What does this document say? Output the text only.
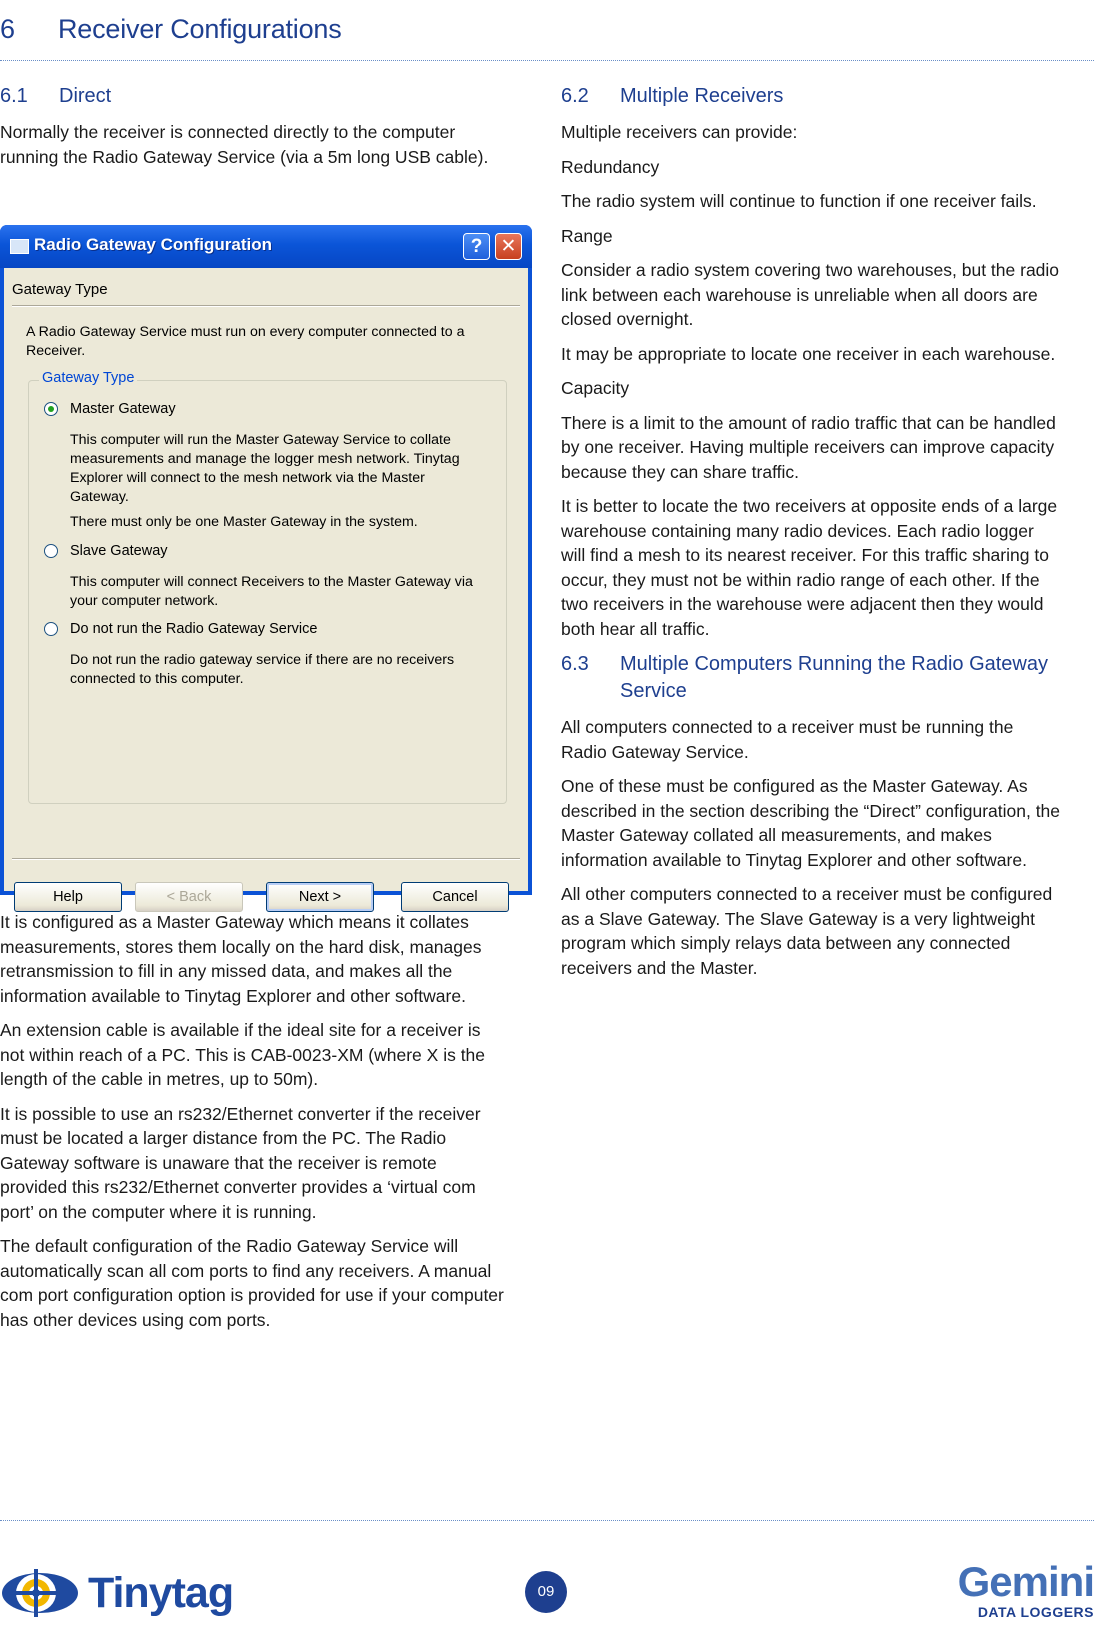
6 Receiver Configurations
6.1	Direct

Normally the receiver is connected directly to the computer running the Radio Gateway Service (via a 5m long USB cable).

Radio Gateway Configuration	? ✕
Gateway Type
A Radio Gateway Service must run on every computer connected to a Receiver.
Gateway Type
Master Gateway
This computer will run the Master Gateway Service to collate measurements and manage the logger mesh network. Tinytag Explorer will connect to the mesh network via the Master Gateway.
There must only be one Master Gateway in the system.
Slave Gateway
This computer will connect Receivers to the Master Gateway via your computer network.
Do not run the Radio Gateway Service
Do not run the radio gateway service if there are no receivers connected to this computer.
Help	< Back	Next >	Cancel

It is configured as a Master Gateway which means it collates measurements, stores them locally on the hard disk, manages retransmission to fill in any missed data, and makes all the information available to Tinytag Explorer and other software.

An extension cable is available if the ideal site for a receiver is not within reach of a PC. This is CAB-0023-XM (where X is the length of the cable in metres, up to 50m).

It is possible to use an rs232/Ethernet converter if the receiver must be located a larger distance from the PC. The Radio Gateway software is unaware that the receiver is remote provided this rs232/Ethernet converter provides a ‘virtual com port’ on the computer where it is running.

The default configuration of the Radio Gateway Service will automatically scan all com ports to find any receivers. A manual com port configuration option is provided for use if your computer has other devices using com ports.

6.2	Multiple Receivers

Multiple receivers can provide:

Redundancy

The radio system will continue to function if one receiver fails.

Range

Consider a radio system covering two warehouses, but the radio link between each warehouse is unreliable when all doors are closed overnight.

It may be appropriate to locate one receiver in each warehouse.

Capacity

There is a limit to the amount of radio traffic that can be handled by one receiver. Having multiple receivers can improve capacity because they can share traffic.

It is better to locate the two receivers at opposite ends of a large warehouse containing many radio devices. Each radio logger will find a mesh to its nearest receiver. For this traffic sharing to occur, they must not be within radio range of each other. If the two receivers in the warehouse were adjacent then they would both hear all traffic.

6.3	Multiple Computers Running the Radio Gateway Service

All computers connected to a receiver must be running the Radio Gateway Service.

One of these must be configured as the Master Gateway. As described in the section describing the “Direct” configuration, the Master Gateway collated all measurements, and makes information available to Tinytag Explorer and other software.

All other computers connected to a receiver must be configured as a Slave Gateway. The Slave Gateway is a very lightweight program which simply relays data between any connected receivers and the Master.

Tinytag	09	Gemini
DATA LOGGERS
